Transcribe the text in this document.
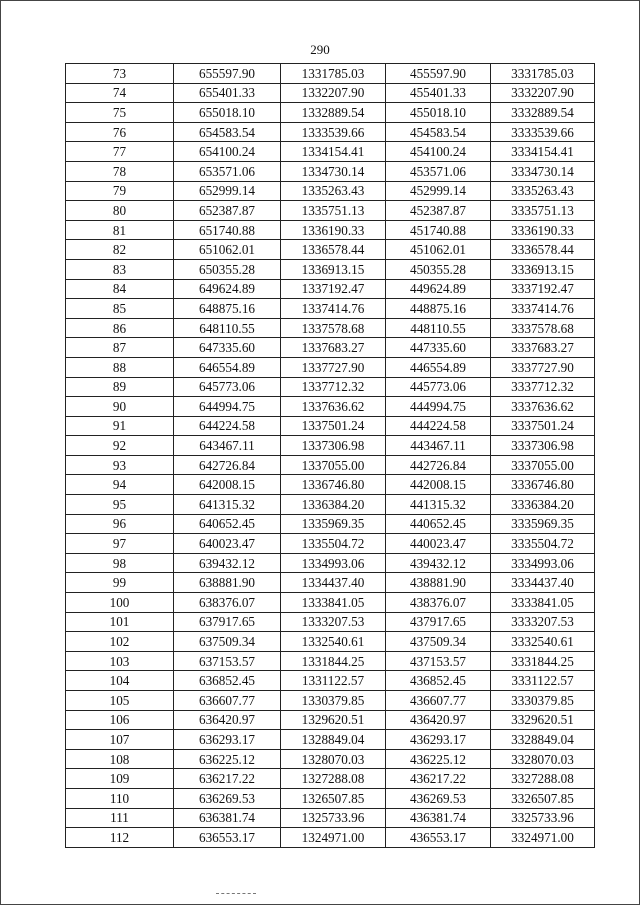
290
73	655597.90	1331785.03	455597.90	3331785.03
74	655401.33	1332207.90	455401.33	3332207.90
75	655018.10	1332889.54	455018.10	3332889.54
76	654583.54	1333539.66	454583.54	3333539.66
77	654100.24	1334154.41	454100.24	3334154.41
78	653571.06	1334730.14	453571.06	3334730.14
79	652999.14	1335263.43	452999.14	3335263.43
80	652387.87	1335751.13	452387.87	3335751.13
81	651740.88	1336190.33	451740.88	3336190.33
82	651062.01	1336578.44	451062.01	3336578.44
83	650355.28	1336913.15	450355.28	3336913.15
84	649624.89	1337192.47	449624.89	3337192.47
85	648875.16	1337414.76	448875.16	3337414.76
86	648110.55	1337578.68	448110.55	3337578.68
87	647335.60	1337683.27	447335.60	3337683.27
88	646554.89	1337727.90	446554.89	3337727.90
89	645773.06	1337712.32	445773.06	3337712.32
90	644994.75	1337636.62	444994.75	3337636.62
91	644224.58	1337501.24	444224.58	3337501.24
92	643467.11	1337306.98	443467.11	3337306.98
93	642726.84	1337055.00	442726.84	3337055.00
94	642008.15	1336746.80	442008.15	3336746.80
95	641315.32	1336384.20	441315.32	3336384.20
96	640652.45	1335969.35	440652.45	3335969.35
97	640023.47	1335504.72	440023.47	3335504.72
98	639432.12	1334993.06	439432.12	3334993.06
99	638881.90	1334437.40	438881.90	3334437.40
100	638376.07	1333841.05	438376.07	3333841.05
101	637917.65	1333207.53	437917.65	3333207.53
102	637509.34	1332540.61	437509.34	3332540.61
103	637153.57	1331844.25	437153.57	3331844.25
104	636852.45	1331122.57	436852.45	3331122.57
105	636607.77	1330379.85	436607.77	3330379.85
106	636420.97	1329620.51	436420.97	3329620.51
107	636293.17	1328849.04	436293.17	3328849.04
108	636225.12	1328070.03	436225.12	3328070.03
109	636217.22	1327288.08	436217.22	3327288.08
110	636269.53	1326507.85	436269.53	3326507.85
111	636381.74	1325733.96	436381.74	3325733.96
112	636553.17	1324971.00	436553.17	3324971.00
